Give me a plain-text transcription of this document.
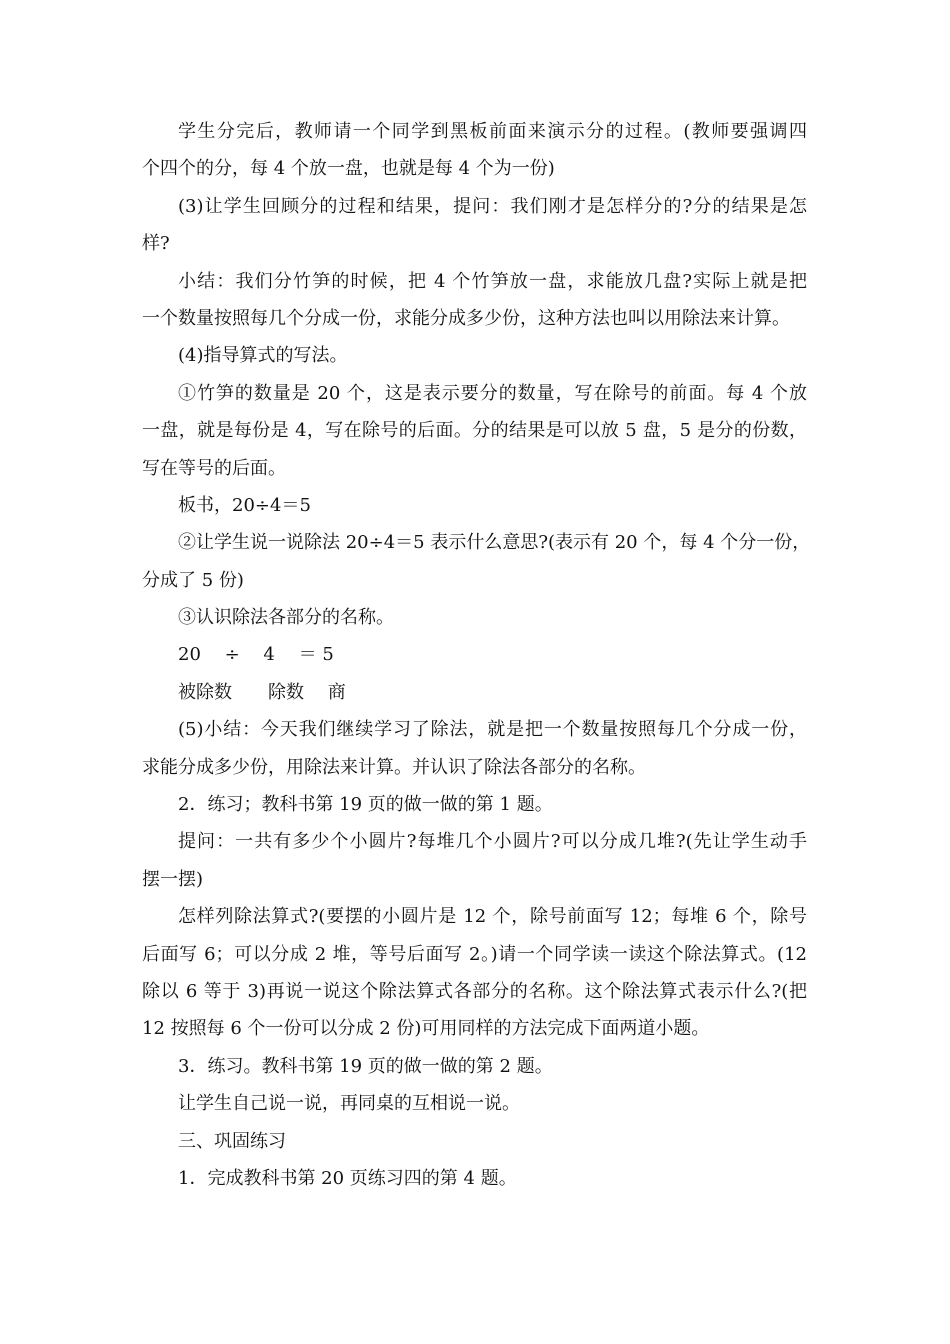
学生分完后，教师请一个同学到黑板前面来演示分的过程。(教师要强调四
个四个的分，每 4 个放一盘，也就是每 4 个为一份)
(3)让学生回顾分的过程和结果，提问：我们刚才是怎样分的?分的结果是怎
样?
小结：我们分竹笋的时候，把 4 个竹笋放一盘，求能放几盘?实际上就是把
一个数量按照每几个分成一份，求能分成多少份，这种方法也叫以用除法来计算。
(4)指导算式的写法。
①竹笋的数量是 20 个，这是表示要分的数量，写在除号的前面。每 4 个放
一盘，就是每份是 4，写在除号的后面。分的结果是可以放 5 盘，5 是分的份数，
写在等号的后面。
板书，20÷4＝5
②让学生说一说除法 20÷4＝5 表示什么意思?(表示有 20 个，每 4 个分一份，
分成了 5 份)
③认识除法各部分的名称。
20　 ÷　 4　 ＝ 5
被除数　　除数　 商
(5)小结：今天我们继续学习了除法，就是把一个数量按照每几个分成一份，
求能分成多少份，用除法来计算。并认识了除法各部分的名称。
2．练习；教科书第 19 页的做一做的第 1 题。
提问：一共有多少个小圆片?每堆几个小圆片?可以分成几堆?(先让学生动手
摆一摆)
怎样列除法算式?(要摆的小圆片是 12 个，除号前面写 12；每堆 6 个，除号
后面写 6；可以分成 2 堆，等号后面写 2。)请一个同学读一读这个除法算式。(12
除以 6 等于 3)再说一说这个除法算式各部分的名称。这个除法算式表示什么?(把
12 按照每 6 个一份可以分成 2 份)可用同样的方法完成下面两道小题。
3．练习。教科书第 19 页的做一做的第 2 题。
让学生自己说一说，再同桌的互相说一说。
三、巩固练习
1．完成教科书第 20 页练习四的第 4 题。
